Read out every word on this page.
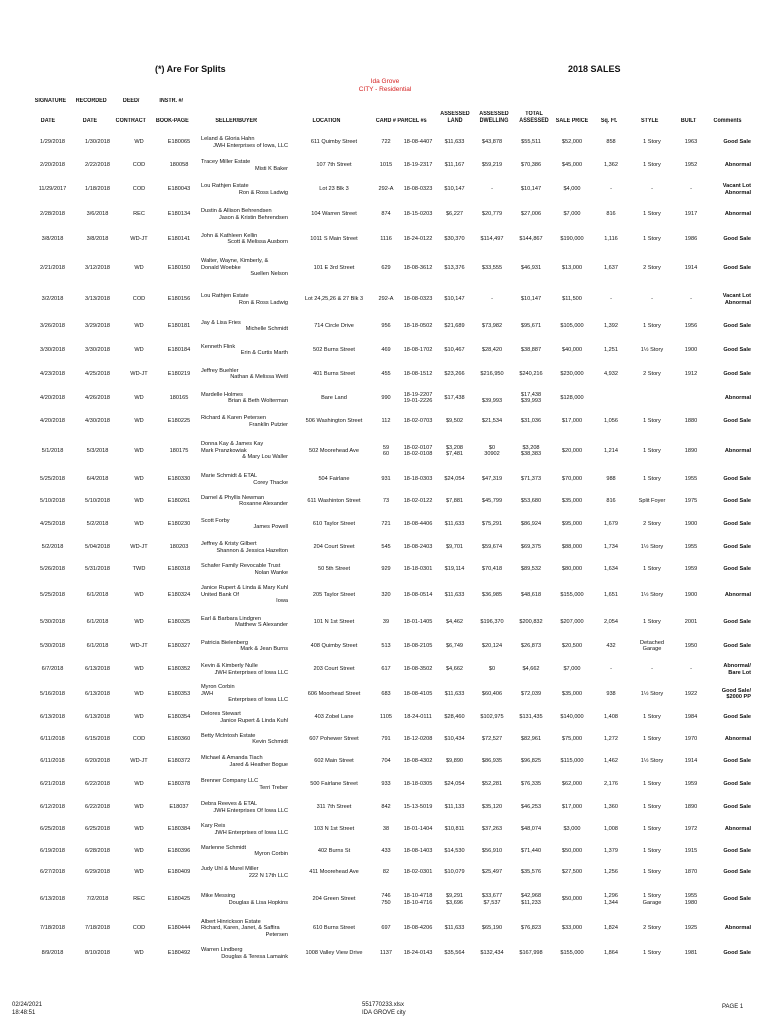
(*) Are For Splits	2018 SALES
Ida Grove
CITY - Residential
SIGNATURE RECORDED	DEED/	INSTR. #/
DATE	DATE	CONTRACT BOOK-PAGE	SELLER/BUYER	LOCATION	CARD # PARCEL #s
ASSESSED LAND
ASSESSED DWELLING
TOTAL ASSESSED SALE PRICE Sq. Ft.	STYLE	BUILT	Comments
1/29/2018	1/30/2018	WD	E180065	Leland & Gloria Hahn
JWH Enterprises of Iowa, LLC	611 Quimby Street	722	18-08-4407	$11,633	$43,878	$55,511	$52,000	858	1 Story	1963	Good Sale
2/20/2018	2/22/2018	COD	180058	Tracey Miller Estate
Misti K Baker	107 7th Street	1015	18-19-2317	$11,167	$59,219	$70,386	$45,000	1,362	1 Story	1952	Abnormal
11/29/2017	1/18/2018	COD	E180043	Lou Rathjen Estate
Ron & Ross Ladwig	Lot 23 Blk 3	292-A	18-08-0323	$10,147	-	$10,147	$4,000	-	-	-	Vacant Lot
Abnormal
2/28/2018	3/6/2018	REC	E180134	Dustin & Allison Behrendsen
Jason & Kristin Behrendsen	104 Warren Street	874	18-15-0203	$6,227	$20,779	$27,006	$7,000	816	1 Story	1917	Abnormal
3/8/2018	3/8/2018	WD-JT	E180141	John & Kathleen Kellin
Scott & Melissa Ausborn	1011 S Main Street	1116	18-24-0122	$30,370	$114,497	$144,867	$190,000	1,116	1 Story	1986	Good Sale
2/21/2018	3/12/2018	WD	E180150	Walter, Wayne, Kimberly, &
Donald Woebke
Suellen Nelson	101 E 3rd Street	629	18-08-3612	$13,376	$33,555	$46,931	$13,000	1,637	2 Story	1914	Good Sale
3/2/2018	3/13/2018	COD	E180156	Lou Rathjen Estate
Ron & Ross Ladwig	Lot 24,25,26 & 27 Blk 3	292-A	18-08-0323	$10,147	-	$10,147	$11,500	-	-	-	Vacant Lot
Abnormal
3/26/2018	3/29/2018	WD	E180181	Jay & Lisa Fries
Michelle Schmidt	714 Circle Drive	956	18-18-0502	$21,689	$73,982	$95,671	$105,000	1,392	1 Story	1956	Good Sale
3/30/2018	3/30/2018	WD	E180184	Kenneth Flink
Erin & Curtis Marth	502 Burns Street	469	18-08-1702	$10,467	$28,420	$38,887	$40,000	1,251	1½ Story	1900	Good Sale
4/23/2018	4/25/2018	WD-JT	E180219	Jeffrey Buehler
Nathan & Melissa Weitl	401 Burns Street	455	18-08-1512	$23,266	$216,950	$240,216	$230,000	4,932	2 Story	1912	Good Sale
4/20/2018	4/26/2018	WD	180165	Mardelle Holmes
Brian & Beth Wolterman	Bare Land	990	18-19-2207
19-01-2226	$17,438	
$39,993	$17,438
$39,993	$128,000				Abnormal
4/20/2018	4/30/2018	WD	E180225	Richard & Karen Petersen
Franklin Putzier	506 Washington Street	112	18-02-0703	$9,502	$21,534	$31,036	$17,000	1,056	1 Story	1880	Good Sale
5/1/2018	5/3/2018	WD	180175	Donna Kay & James Kay
Mark Pranzkowiak
& Mary Lou Waller	502 Moorehead Ave	59
60	18-02-0107
18-02-0108	$3,208
$7,481	$0
30902	$3,208
$38,383	$20,000	1,214	1 Story	1890	Abnormal
5/25/2018	6/4/2018	WD	E180330	Marie Schmidt & ETAL
Corey Thacke	504 Fairlane	931	18-18-0303	$24,054	$47,319	$71,373	$70,000	988	1 Story	1955	Good Sale
5/10/2018	5/10/2018	WD	E180261	Darnel & Phyllis Newman
Roxanne Alexander	611 Washinton Street	73	18-02-0122	$7,881	$45,799	$53,680	$35,000	816	Split Foyer	1975	Good Sale
4/25/2018	5/2/2018	WD	E180230	Scott Forby
James Powell	610 Taylor Street	721	18-08-4406	$11,633	$75,291	$86,924	$95,000	1,679	2 Story	1900	Good Sale
5/2/2018	5/04/2018	WD-JT	180203	Jeffrey & Kristy Gilbert
Shannon & Jessica Hazelton	204 Court Street	545	18-08-2403	$9,701	$59,674	$69,375	$88,000	1,734	1½ Story	1955	Good Sale
5/26/2018	5/31/2018	TWD	E180318	Schafer Family Revocable Trust
Nolan Wanke	50 5th Street	929	18-18-0301	$19,114	$70,418	$89,532	$80,000	1,634	1 Story	1959	Good Sale
5/25/2018	6/1/2018	WD	E180324	Janice Rupert & Linda & Mary Kuhl
United Bank Of
Iowa	205 Taylor Street	320	18-08-0514	$11,633	$36,985	$48,618	$155,000	1,651	1½ Story	1900	Abnormal
5/30/2018	6/1/2018	WD	E180325	Earl & Barbara Lindgren
Matthew S Alexander	101 N 1st Street	39	18-01-1405	$4,462	$196,370	$200,832	$207,000	2,054	1 Story	2001	Good Sale
5/30/2018	6/1/2018	WD-JT	E180327	Patricia Bielenberg
Mark & Jean Burns	408 Quimby Street	513	18-08-2105	$6,749	$20,124	$26,873	$20,500	432	Detached
Garage	1950	Good Sale
6/7/2018	6/13/2018	WD	E180352	Kevin & Kimberly Nulle
JWH Enterprises of Iowa LLC	203 Court Street	617	18-08-3502	$4,662	$0	$4,662	$7,000	-	-	-	Abnormal/
Bare Lot
5/16/2018	6/13/2018	WD	E180353	Myron Corbin
JWH
Enterprises of Iowa LLC	606 Moorhead Street	683	18-08-4105	$11,633	$60,406	$72,039	$35,000	938	1½ Story	1922	Good Sale/
$2000 PP
6/13/2018	6/13/2018	WD	E180354	Delores Stewart
Janice Rupert & Linda Kuhl	403 Zobel Lane	1105	18-24-0111	$28,460	$102,975	$131,435	$140,000	1,408	1 Story	1984	Good Sale
6/11/2018	6/15/2018	COD	E180360	Betty McIntosh Estate
Kevin Schmidt	607 Pohewer Street	791	18-12-0208	$10,434	$72,527	$82,961	$75,000	1,272	1 Story	1970	Abnormal
6/11/2018	6/20/2018	WD-JT	E180372	Michael & Amanda Tiach
Jared & Heather Bogue	602 Main Street	704	18-08-4302	$9,890	$86,935	$96,825	$115,000	1,462	1½ Story	1914	Good Sale
6/21/2018	6/22/2018	WD	E180378	Brenner Company LLC
Terri Treber	500 Fairlane Street	933	18-18-0305	$24,054	$52,281	$76,335	$62,000	2,176	1 Story	1959	Good Sale
6/12/2018	6/22/2018	WD	E18037	Debra Reeves & ETAL
JWH Enterprises Of Iowa LLC	311 7th Street	842	15-13-5019	$11,133	$35,120	$46,253	$17,000	1,360	1 Story	1890	Good Sale
6/25/2018	6/25/2018	WD	E180384	Kary Reis
JWH Enterprises of Iowa LLC	103 N 1st Street	38	18-01-1404	$10,811	$37,263	$48,074	$3,000	1,008	1 Story	1972	Abnormal
6/19/2018	6/28/2018	WD	E180396	Marlenne Schmidt
Myron Corbin	402 Burns St	433	18-08-1403	$14,530	$56,910	$71,440	$50,000	1,379	1 Story	1915	Good Sale
6/27/2018	6/29/2018	WD	E180409	Judy Uhl & Murel Miller
222 N 17th LLC	411 Moorehead Ave	82	18-02-0301	$10,079	$25,497	$35,576	$27,500	1,256	1 Story	1870	Good Sale
6/13/2018	7/2/2018	REC	E180425	Mike Messing
Douglas & Lisa Hopkins	204 Green Street	746
750	18-10-4718
18-10-4716	$9,291
$3,696	$33,677
$7,537	$42,968
$11,233	$50,000	1,296
1,344	1 Story
Garage	1955
1980	Good Sale
7/18/2018	7/18/2018	COD	E180444	Albert Hinrickson Estate
Richard, Karen, Janet, & Saffira
Petersen	610 Burns Street	697	18-08-4206	$11,633	$65,190	$76,823	$33,000	1,824	2 Story	1925	Abnormal
8/9/2018	8/10/2018	WD	E180492	Warren Lindberg
Douglas & Teresa Lamaink	1008 Valley View Drive	1137	18-24-0143	$35,564	$132,434	$167,998	$155,000	1,864	1 Story	1981	Good Sale
02/24/2021
18:48:51
551770233.xlsx
IDA GROVE city
PAGE 1
